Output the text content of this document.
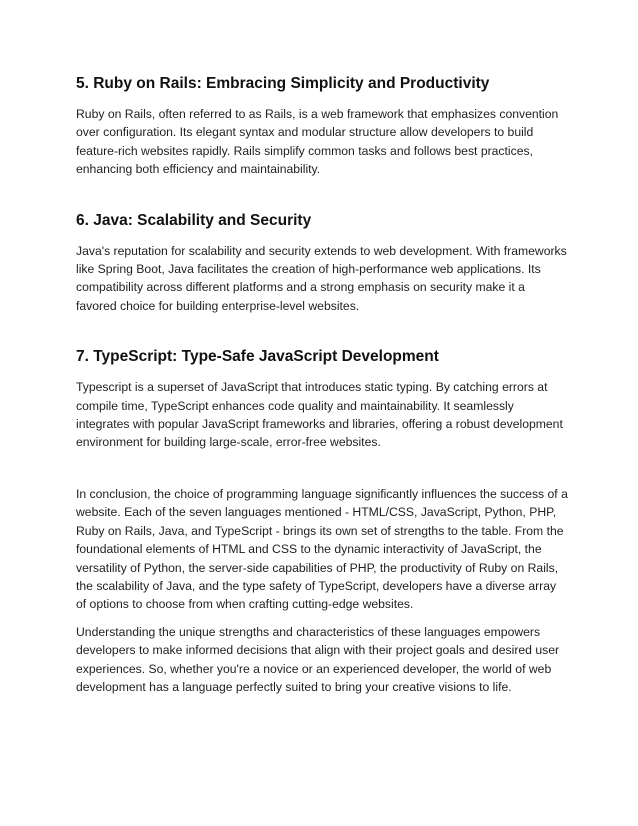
5. Ruby on Rails: Embracing Simplicity and Productivity

Ruby on Rails, often referred to as Rails, is a web framework that emphasizes convention over configuration. Its elegant syntax and modular structure allow developers to build feature-rich websites rapidly. Rails simplify common tasks and follows best practices, enhancing both efficiency and maintainability.

6. Java: Scalability and Security

Java's reputation for scalability and security extends to web development. With frameworks like Spring Boot, Java facilitates the creation of high-performance web applications. Its compatibility across different platforms and a strong emphasis on security make it a favored choice for building enterprise-level websites.

7. TypeScript: Type-Safe JavaScript Development

Typescript is a superset of JavaScript that introduces static typing. By catching errors at compile time, TypeScript enhances code quality and maintainability. It seamlessly integrates with popular JavaScript frameworks and libraries, offering a robust development environment for building large-scale, error-free websites.

In conclusion, the choice of programming language significantly influences the success of a website. Each of the seven languages mentioned - HTML/CSS, JavaScript, Python, PHP, Ruby on Rails, Java, and TypeScript - brings its own set of strengths to the table. From the foundational elements of HTML and CSS to the dynamic interactivity of JavaScript, the versatility of Python, the server-side capabilities of PHP, the productivity of Ruby on Rails, the scalability of Java, and the type safety of TypeScript, developers have a diverse array of options to choose from when crafting cutting-edge websites.

Understanding the unique strengths and characteristics of these languages empowers developers to make informed decisions that align with their project goals and desired user experiences. So, whether you're a novice or an experienced developer, the world of web development has a language perfectly suited to bring your creative visions to life.
